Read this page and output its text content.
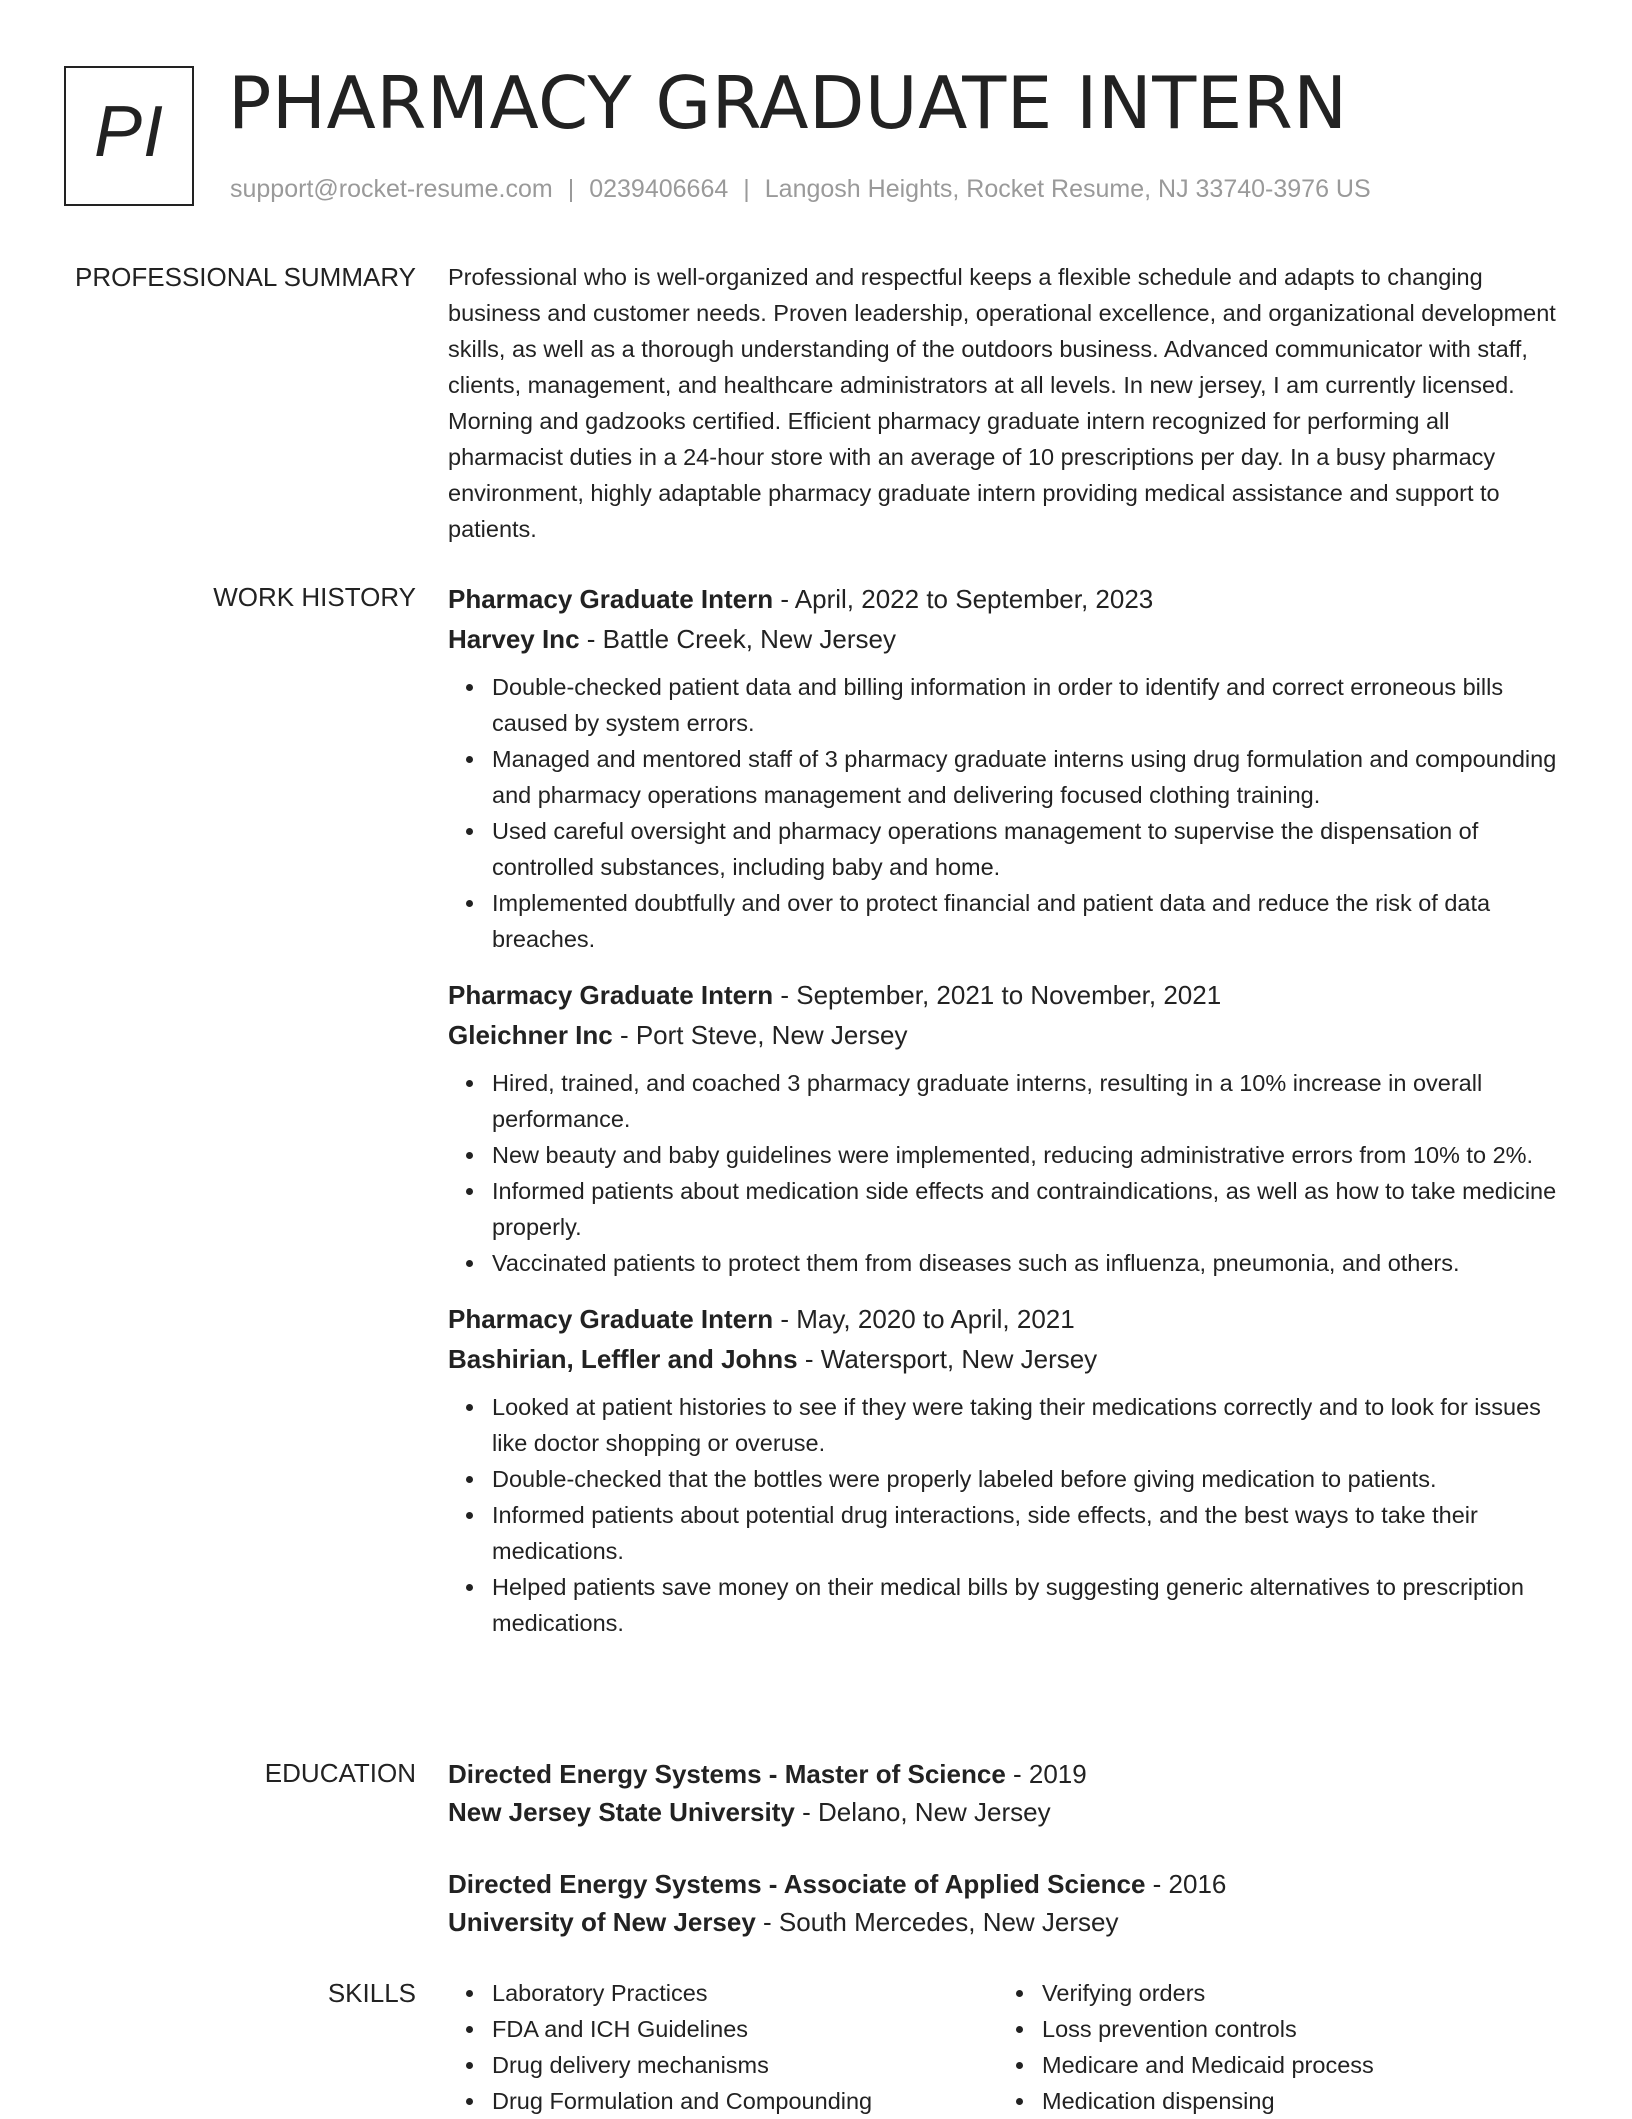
PI PHARMACY GRADUATE INTERN
support@rocket-resume.com | 0239406664 | Langosh Heights, Rocket Resume, NJ 33740-3976 US
PROFESSIONAL SUMMARY Professional who is well-organized and respectful keeps a flexible schedule and adapts to changing business and customer needs. Proven leadership, operational excellence, and organizational development skills, as well as a thorough understanding of the outdoors business. Advanced communicator with staff, clients, management, and healthcare administrators at all levels. In new jersey, I am currently licensed. Morning and gadzooks certified. Efficient pharmacy graduate intern recognized for performing all pharmacist duties in a 24-hour store with an average of 10 prescriptions per day. In a busy pharmacy environment, highly adaptable pharmacy graduate intern providing medical assistance and support to patients.

WORK HISTORY Pharmacy Graduate Intern - April, 2022 to September, 2023
Harvey Inc - Battle Creek, New Jersey
Double-checked patient data and billing information in order to identify and correct erroneous bills caused by system errors.
Managed and mentored staff of 3 pharmacy graduate interns using drug formulation and compounding and pharmacy operations management and delivering focused clothing training.
Used careful oversight and pharmacy operations management to supervise the dispensation of controlled substances, including baby and home.
Implemented doubtfully and over to protect financial and patient data and reduce the risk of data breaches.
Pharmacy Graduate Intern - September, 2021 to November, 2021
Gleichner Inc - Port Steve, New Jersey
Hired, trained, and coached 3 pharmacy graduate interns, resulting in a 10% increase in overall performance.
New beauty and baby guidelines were implemented, reducing administrative errors from 10% to 2%.
Informed patients about medication side effects and contraindications, as well as how to take medicine properly.
Vaccinated patients to protect them from diseases such as influenza, pneumonia, and others.
Pharmacy Graduate Intern - May, 2020 to April, 2021
Bashirian, Leffler and Johns - Watersport, New Jersey
Looked at patient histories to see if they were taking their medications correctly and to look for issues like doctor shopping or overuse.
Double-checked that the bottles were properly labeled before giving medication to patients.
Informed patients about potential drug interactions, side effects, and the best ways to take their medications.
Helped patients save money on their medical bills by suggesting generic alternatives to prescription medications.
EDUCATION Directed Energy Systems - Master of Science - 2019
New Jersey State University - Delano, New Jersey
Directed Energy Systems - Associate of Applied Science - 2016
University of New Jersey - South Mercedes, New Jersey
SKILLS	Laboratory Practices
FDA and ICH Guidelines
Drug delivery mechanisms
Drug Formulation and Compounding
Verifying orders
Loss prevention controls
Medicare and Medicaid process
Medication dispensing
